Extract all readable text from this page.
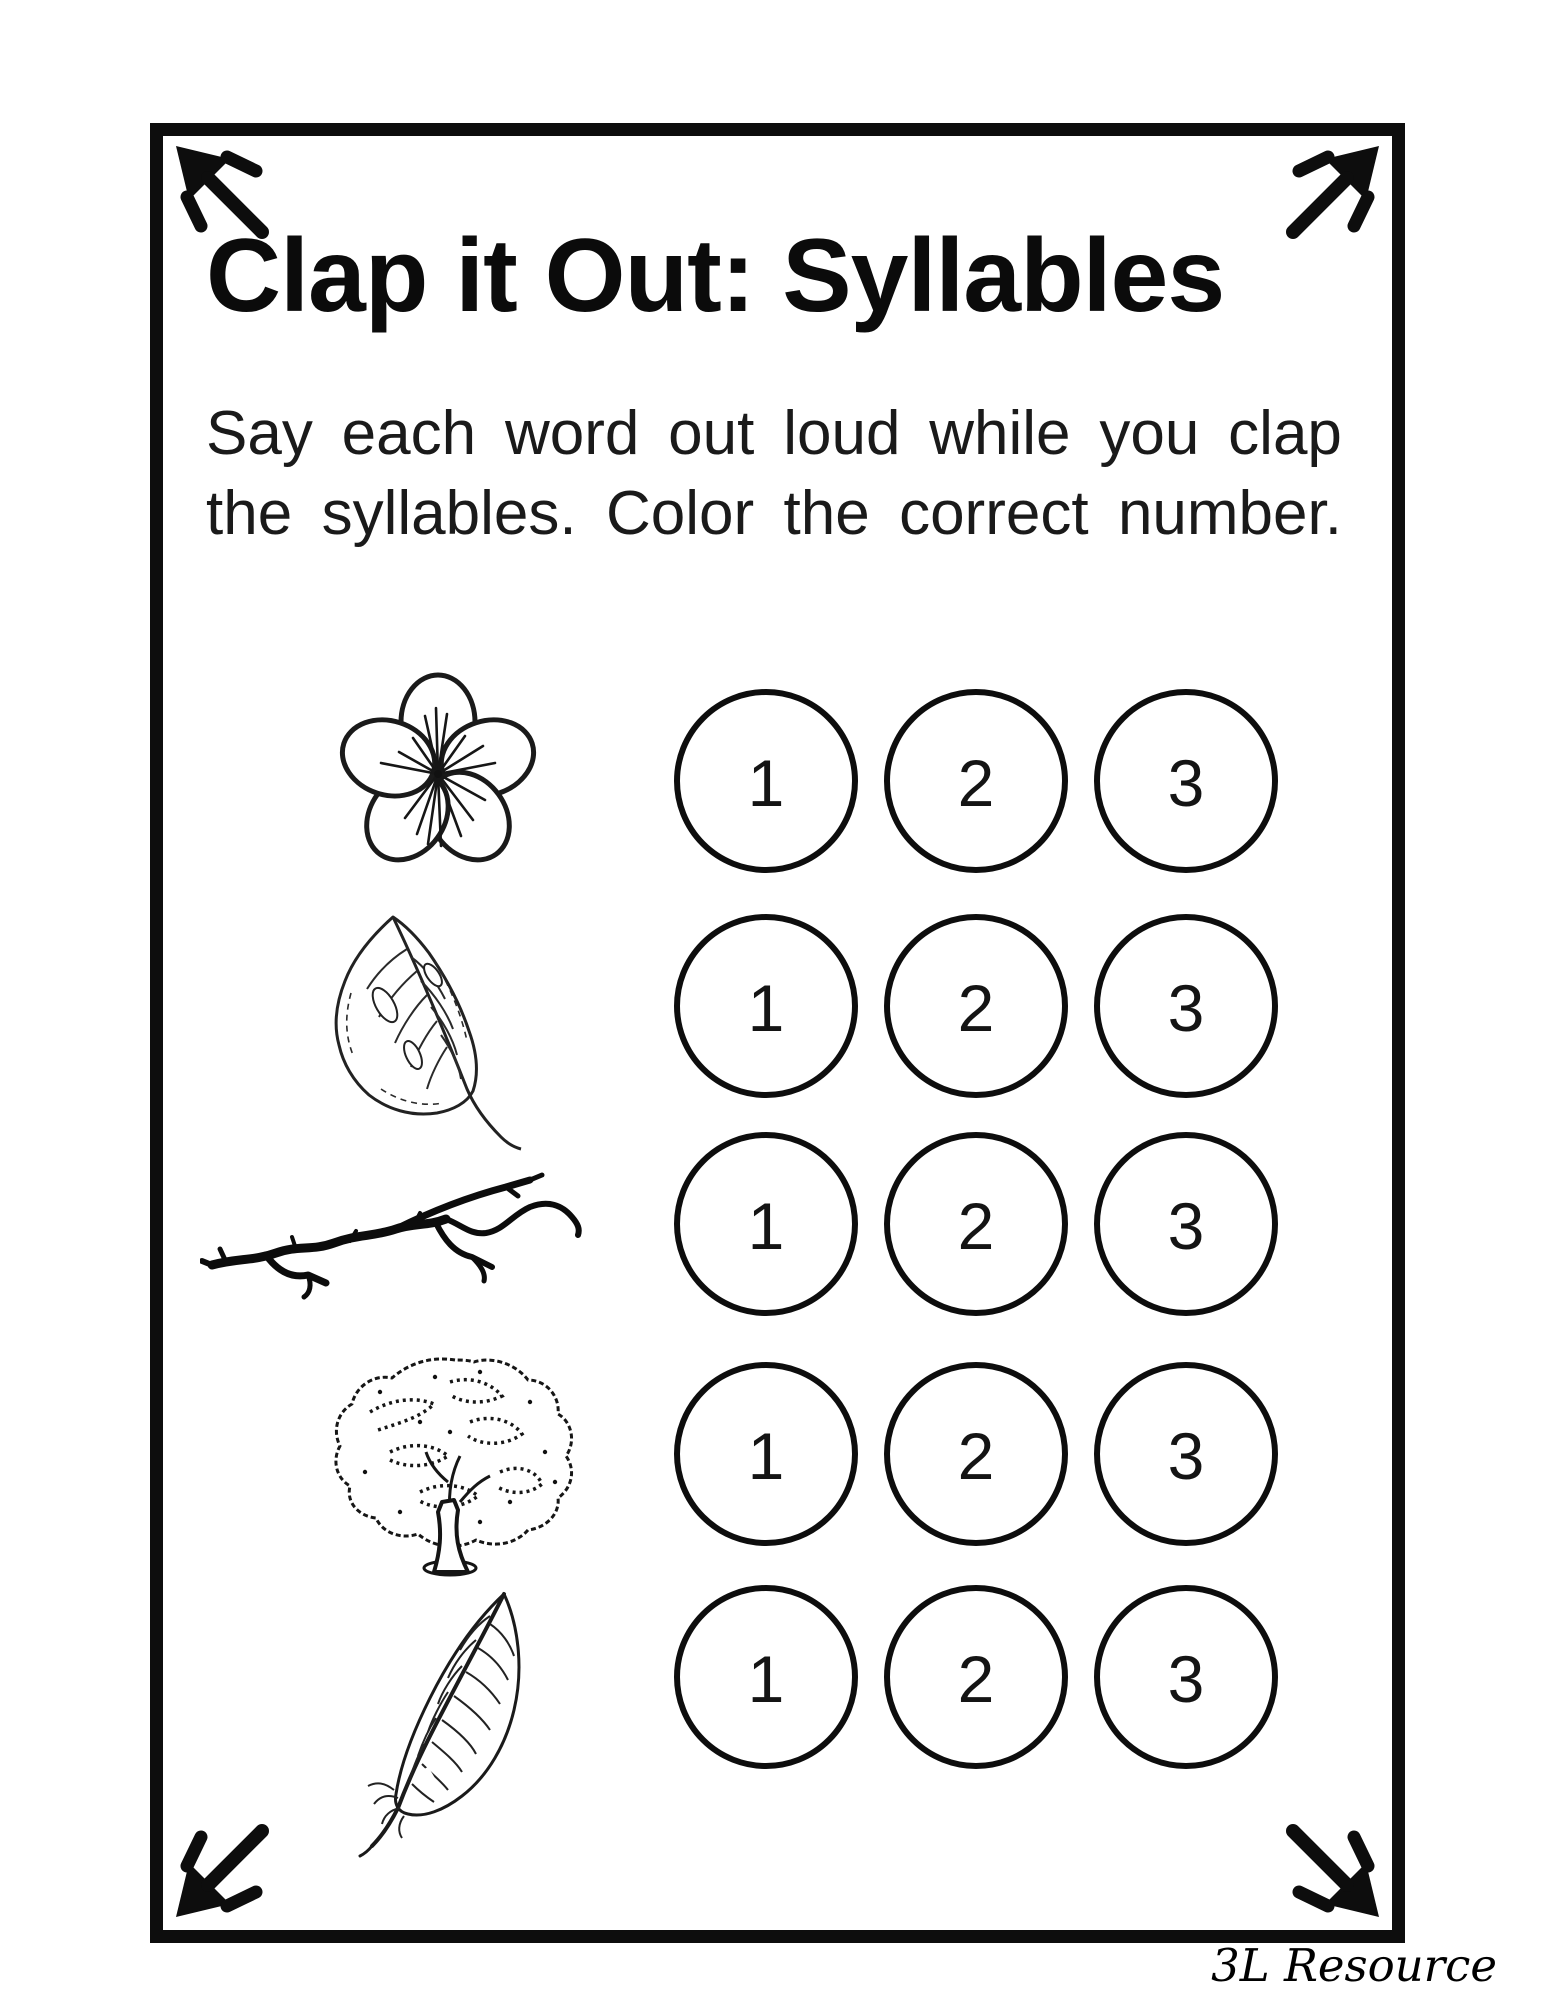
Clap it Out: Syllables
Say each word out loud while you clap
the syllables. Color the correct number.
1	2	3
1	2	3
1	2	3
1	2	3
1	2	3
3L Resource
